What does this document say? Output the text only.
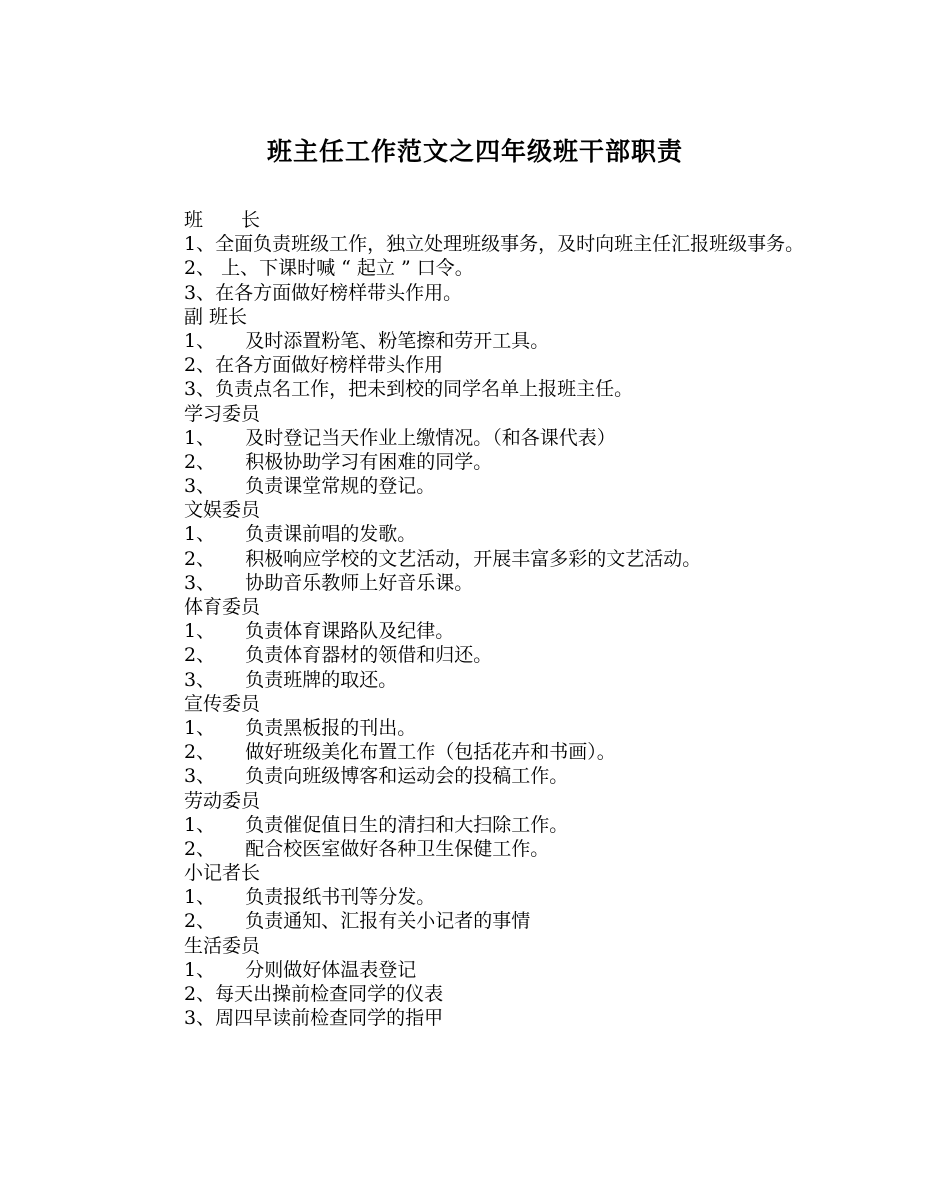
班主任工作范文之四年级班干部职责
班　　长
1、全面负责班级工作，独立处理班级事务，及时向班主任汇报班级事务。
2、 上、下课时喊 “ 起立 ” 口令。
3、在各方面做好榜样带头作用。
副 班长
1、     及时添置粉笔、粉笔擦和劳开工具。
2、在各方面做好榜样带头作用
3、负责点名工作，把未到校的同学名单上报班主任。
学习委员
1、     及时登记当天作业上缴情况。（和各课代表）
2、     积极协助学习有困难的同学。
3、     负责课堂常规的登记。
文娱委员
1、     负责课前唱的发歌。
2、     积极响应学校的文艺活动，开展丰富多彩的文艺活动。
3、     协助音乐教师上好音乐课。
体育委员
1、     负责体育课路队及纪律。
2、     负责体育器材的领借和归还。
3、     负责班牌的取还。
宣传委员
1、     负责黑板报的刊出。
2、     做好班级美化布置工作（包括花卉和书画）。
3、     负责向班级博客和运动会的投稿工作。
劳动委员
1、     负责催促值日生的清扫和大扫除工作。
2、     配合校医室做好各种卫生保健工作。
小记者长
1、     负责报纸书刊等分发。
2、     负责通知、汇报有关小记者的事情
生活委员
1、     分则做好体温表登记
2、每天出操前检查同学的仪表
3、周四早读前检查同学的指甲
